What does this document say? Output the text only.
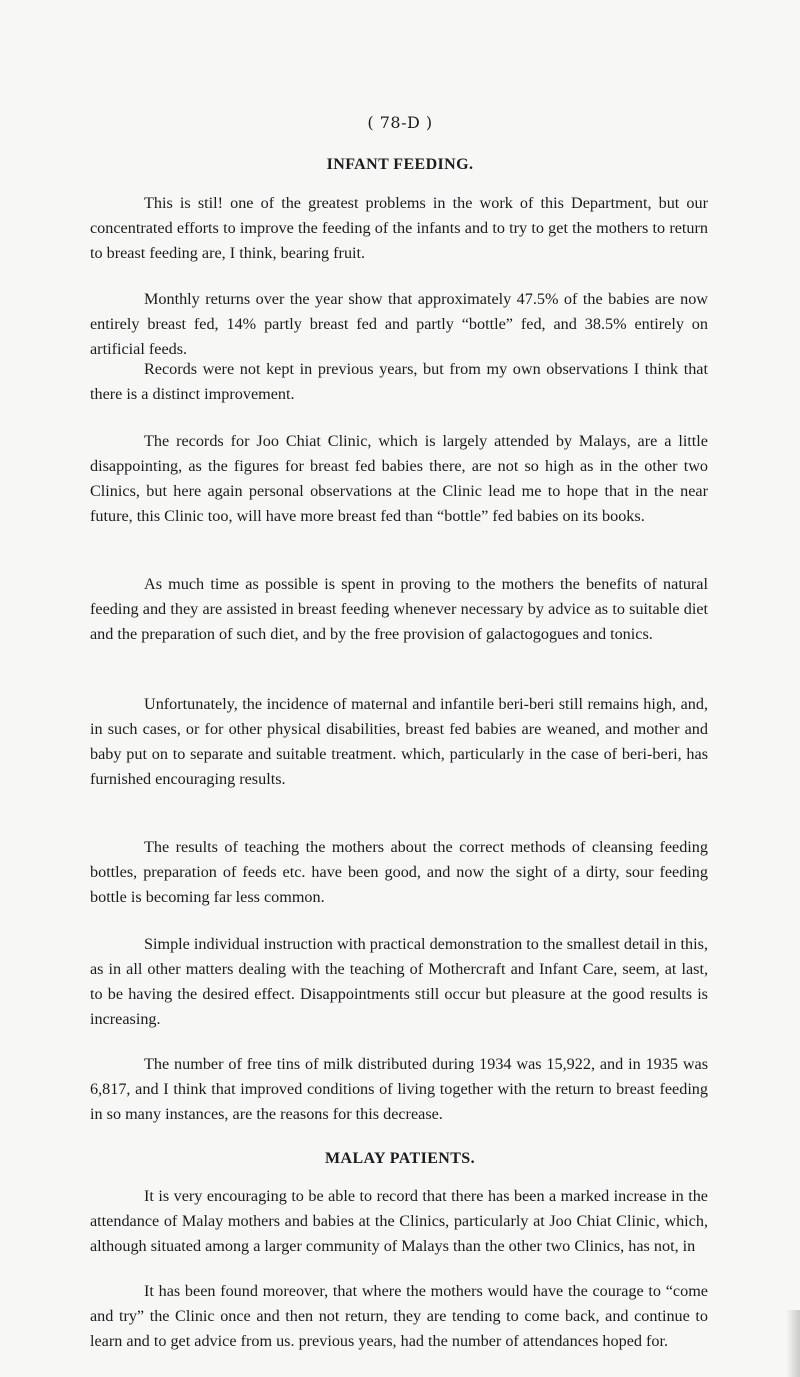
( 78-D )
INFANT FEEDING.

This is stil! one of the greatest problems in the work of this Department, but our concentrated efforts to improve the feeding of the infants and to try to get the mothers to return to breast feeding are, I think, bearing fruit.

Monthly returns over the year show that approximately 47.5% of the babies are now entirely breast fed, 14% partly breast fed and partly “bottle” fed, and 38.5% entirely on artificial feeds.

Records were not kept in previous years, but from my own observations I think that there is a distinct improvement.

The records for Joo Chiat Clinic, which is largely attended by Malays, are a little disappointing, as the figures for breast fed babies there, are not so high as in the other two Clinics, but here again personal observations at the Clinic lead me to hope that in the near future, this Clinic too, will have more breast fed than “bottle” fed babies on its books.

As much time as possible is spent in proving to the mothers the benefits of natural feeding and they are assisted in breast feeding whenever necessary by advice as to suitable diet and the preparation of such diet, and by the free provision of galactogogues and tonics.

Unfortunately, the incidence of maternal and infantile beri-beri still remains high, and, in such cases, or for other physical disabilities, breast fed babies are weaned, and mother and baby put on to separate and suitable treatment. which, particularly in the case of beri-beri, has furnished encouraging results.

The results of teaching the mothers about the correct methods of cleansing feeding bottles, preparation of feeds etc. have been good, and now the sight of a dirty, sour feeding bottle is becoming far less common.

Simple individual instruction with practical demonstration to the smallest detail in this, as in all other matters dealing with the teaching of Mothercraft and Infant Care, seem, at last, to be having the desired effect. Disappointments still occur but pleasure at the good results is increasing.

The number of free tins of milk distributed during 1934 was 15,922, and in 1935 was 6,817, and I think that improved conditions of living together with the return to breast feeding in so many instances, are the reasons for this decrease.

MALAY PATIENTS.

It is very encouraging to be able to record that there has been a marked increase in the attendance of Malay mothers and babies at the Clinics, particularly at Joo Chiat Clinic, which, although situated among a larger community of Malays than the other two Clinics, has not, in

It has been found moreover, that where the mothers would have the courage to “come and try” the Clinic once and then not return, they are tending to come back, and continue to learn and to get advice from us. previous years, had the number of attendances hoped for.
